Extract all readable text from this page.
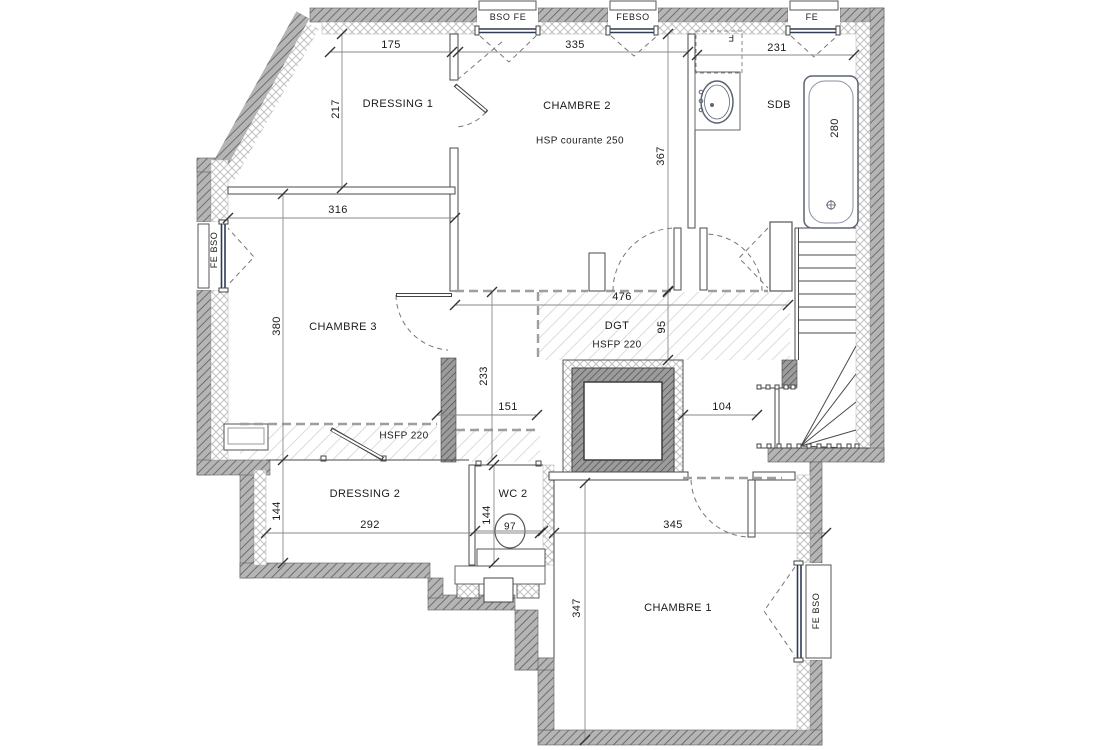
BSO FE	FEBSO	FE
F
175	335	231
217
367
280
316
380
476
95
233
151	104
144
292
144
97	345
347
DRESSING 1	CHAMBRE 2
HSP courante 250
SDB
CHAMBRE 3	DGT
HSFP 220
HSFP 220
DRESSING 2	WC 2
CHAMBRE 1
FE BSO
FE BSO
